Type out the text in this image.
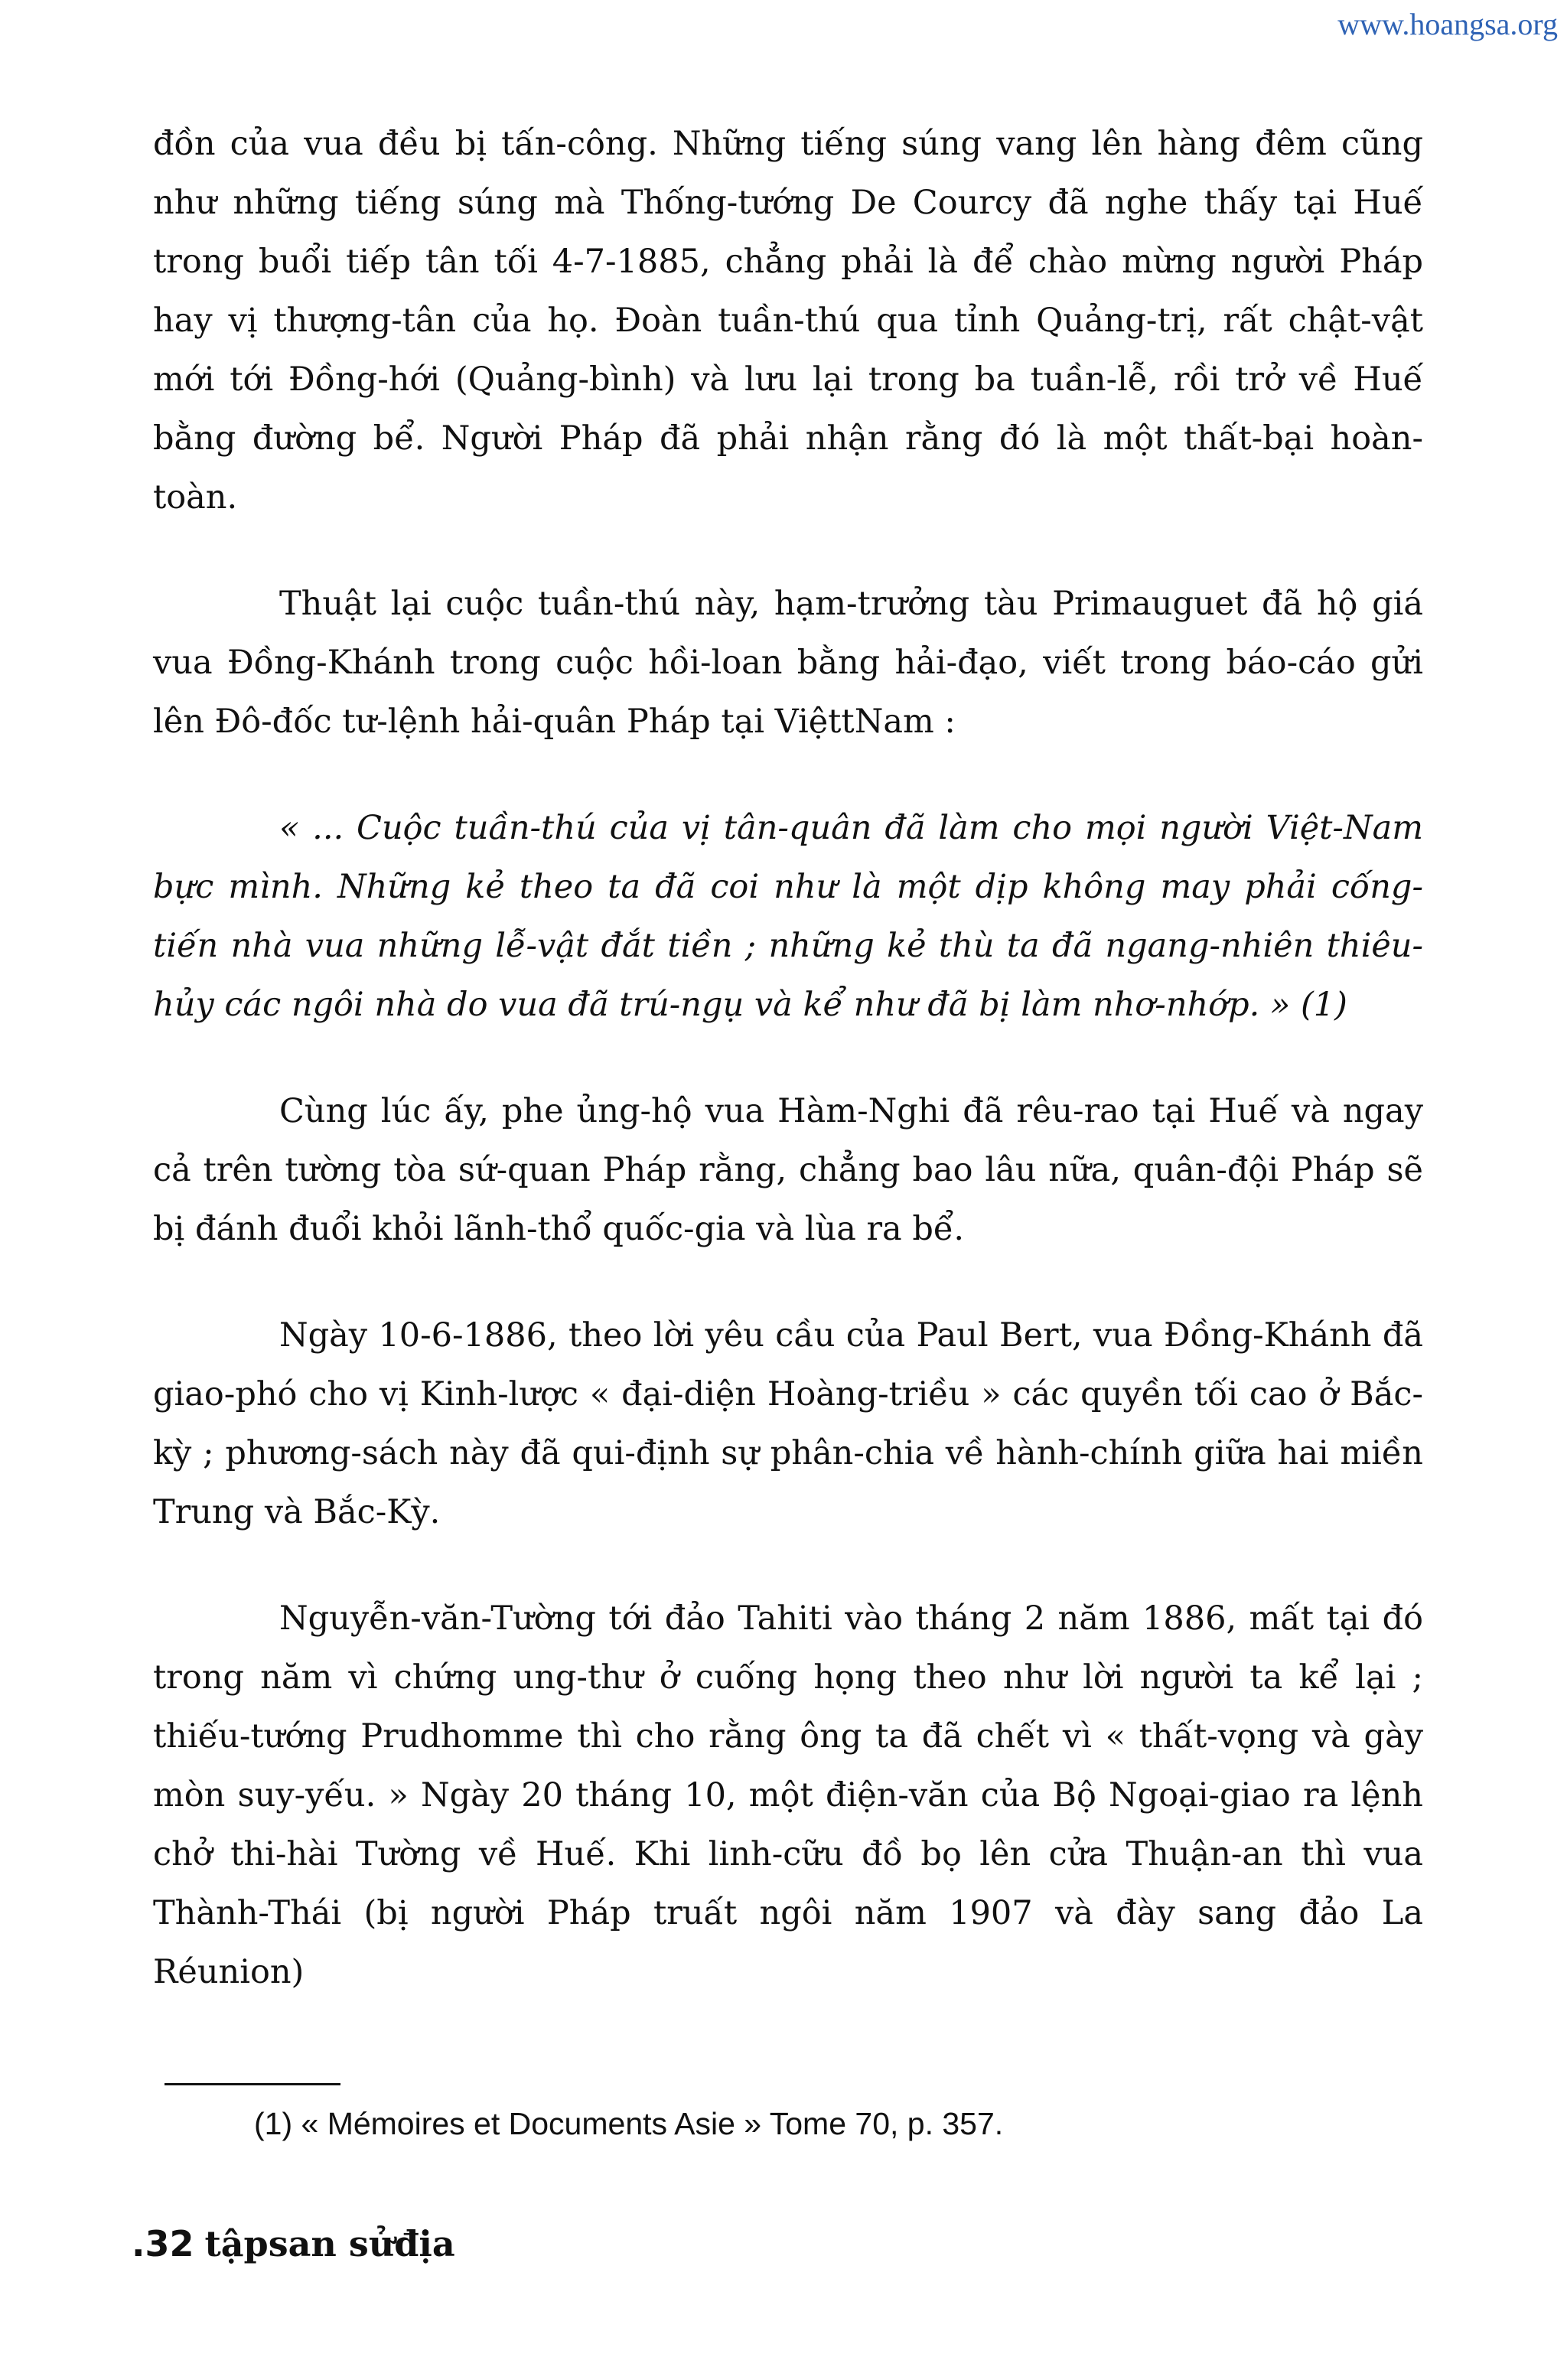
www.hoangsa.org

đồn của vua đều bị tấn-công. Những tiếng súng vang lên hàng đêm cũng như những tiếng súng mà Thống-tướng De Courcy đã nghe thấy tại Huế trong buổi tiếp tân tối 4-7-1885, chẳng phải là để chào mừng người Pháp hay vị thượng-tân của họ. Đoàn tuần-thú qua tỉnh Quảng-trị, rất chật-vật mới tới Đồng-hới (Quảng-bình) và lưu lại trong ba tuần-lễ, rồi trở về Huế bằng đường bể. Người Pháp đã phải nhận rằng đó là một thất-bại hoàn-toàn.

Thuật lại cuộc tuần-thú này, hạm-trưởng tàu Primauguet đã hộ giá vua Đồng-Khánh trong cuộc hồi-loan bằng hải-đạo, viết trong báo-cáo gửi lên Đô-đốc tư-lệnh hải-quân Pháp tại ViệttNam :

« ... Cuộc tuần-thú của vị tân-quân đã làm cho mọi người Việt-Nam bực mình. Những kẻ theo ta đã coi như là một dịp không may phải cống-tiến nhà vua những lễ-vật đắt tiền ; những kẻ thù ta đã ngang-nhiên thiêu-hủy các ngôi nhà do vua đã trú-ngụ và kể như đã bị làm nhơ-nhớp. » (1)

Cùng lúc ấy, phe ủng-hộ vua Hàm-Nghi đã rêu-rao tại Huế và ngay cả trên tường tòa sứ-quan Pháp rằng, chẳng bao lâu nữa, quân-đội Pháp sẽ bị đánh đuổi khỏi lãnh-thổ quốc-gia và lùa ra bể.

Ngày 10-6-1886, theo lời yêu cầu của Paul Bert, vua Đồng-Khánh đã giao-phó cho vị Kinh-lược « đại-diện Hoàng-triều » các quyền tối cao ở Bắc-kỳ ; phương-sách này đã qui-định sự phân-chia về hành-chính giữa hai miền Trung và Bắc-Kỳ.

Nguyễn-văn-Tường tới đảo Tahiti vào tháng 2 năm 1886, mất tại đó trong năm vì chứng ung-thư ở cuống họng theo như lời người ta kể lại ; thiếu-tướng Prudhomme thì cho rằng ông ta đã chết vì « thất-vọng và gày mòn suy-yếu. » Ngày 20 tháng 10, một điện-văn của Bộ Ngoại-giao ra lệnh chở thi-hài Tường về Huế. Khi linh-cữu đồ bọ lên cửa Thuận-an thì vua Thành-Thái (bị người Pháp truất ngôi năm 1907 và đày sang đảo La Réunion)

(1) « Mémoires et Documents Asie » Tome 70, p. 357.
.32 tậpsan sửđịa
